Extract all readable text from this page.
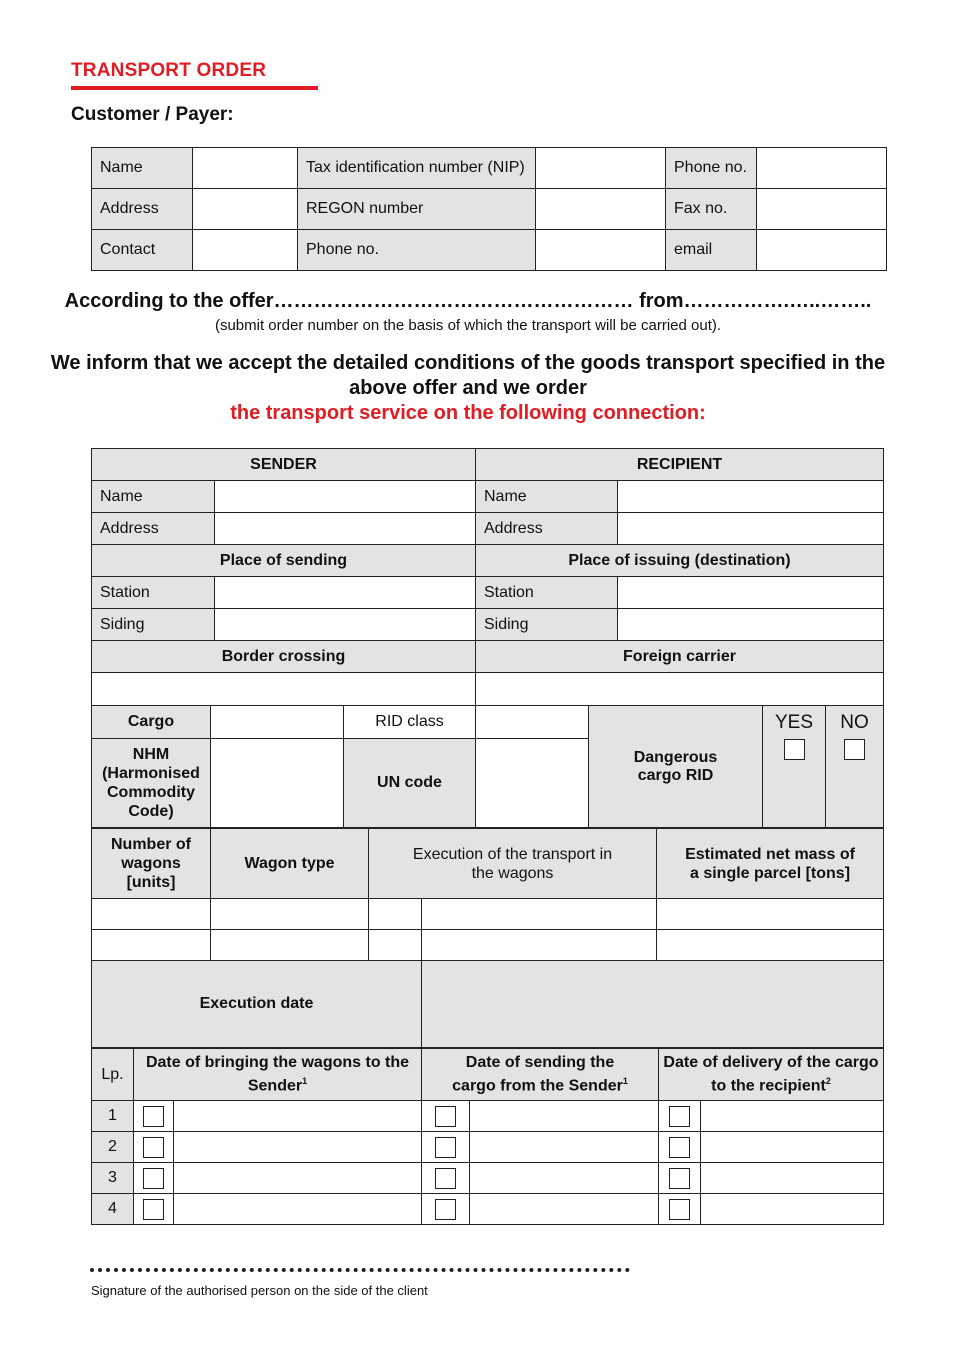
TRANSPORT ORDER
Customer / Payer:
Name		Tax identification number (NIP)		Phone no.	
Address		REGON number		Fax no.	
Contact		Phone no.		email	
According to the offer……………………………………………… from…………….…..……..
(submit order number on the basis of which the transport will be carried out).
We inform that we accept the detailed conditions of the goods transport specified in the above offer and we order
the transport service on the following connection:
SENDER		RECIPIENT	
Name		Name	
Address		Address	
Place of sending		Place of issuing (destination)	
Station		Station	
Siding		Siding	
Border crossing		Foreign carrier	

Cargo		RID class		Dangerous cargo RID	YES	NO

NHM (Harmonised Commodity Code)		UN code				
Number of wagons [units]	Wagon type	Execution of the transport in the wagons		Estimated net mass of a single parcel [tons]

Execution date				
Lp.	Date of bringing the wagons to the Sender$^1$		Date of sending the cargo from the Sender$^1$		Date of delivery of the cargo to the recipient$^2$
1						
2						
3						
4						
Signature of the authorised person on the side of the client
